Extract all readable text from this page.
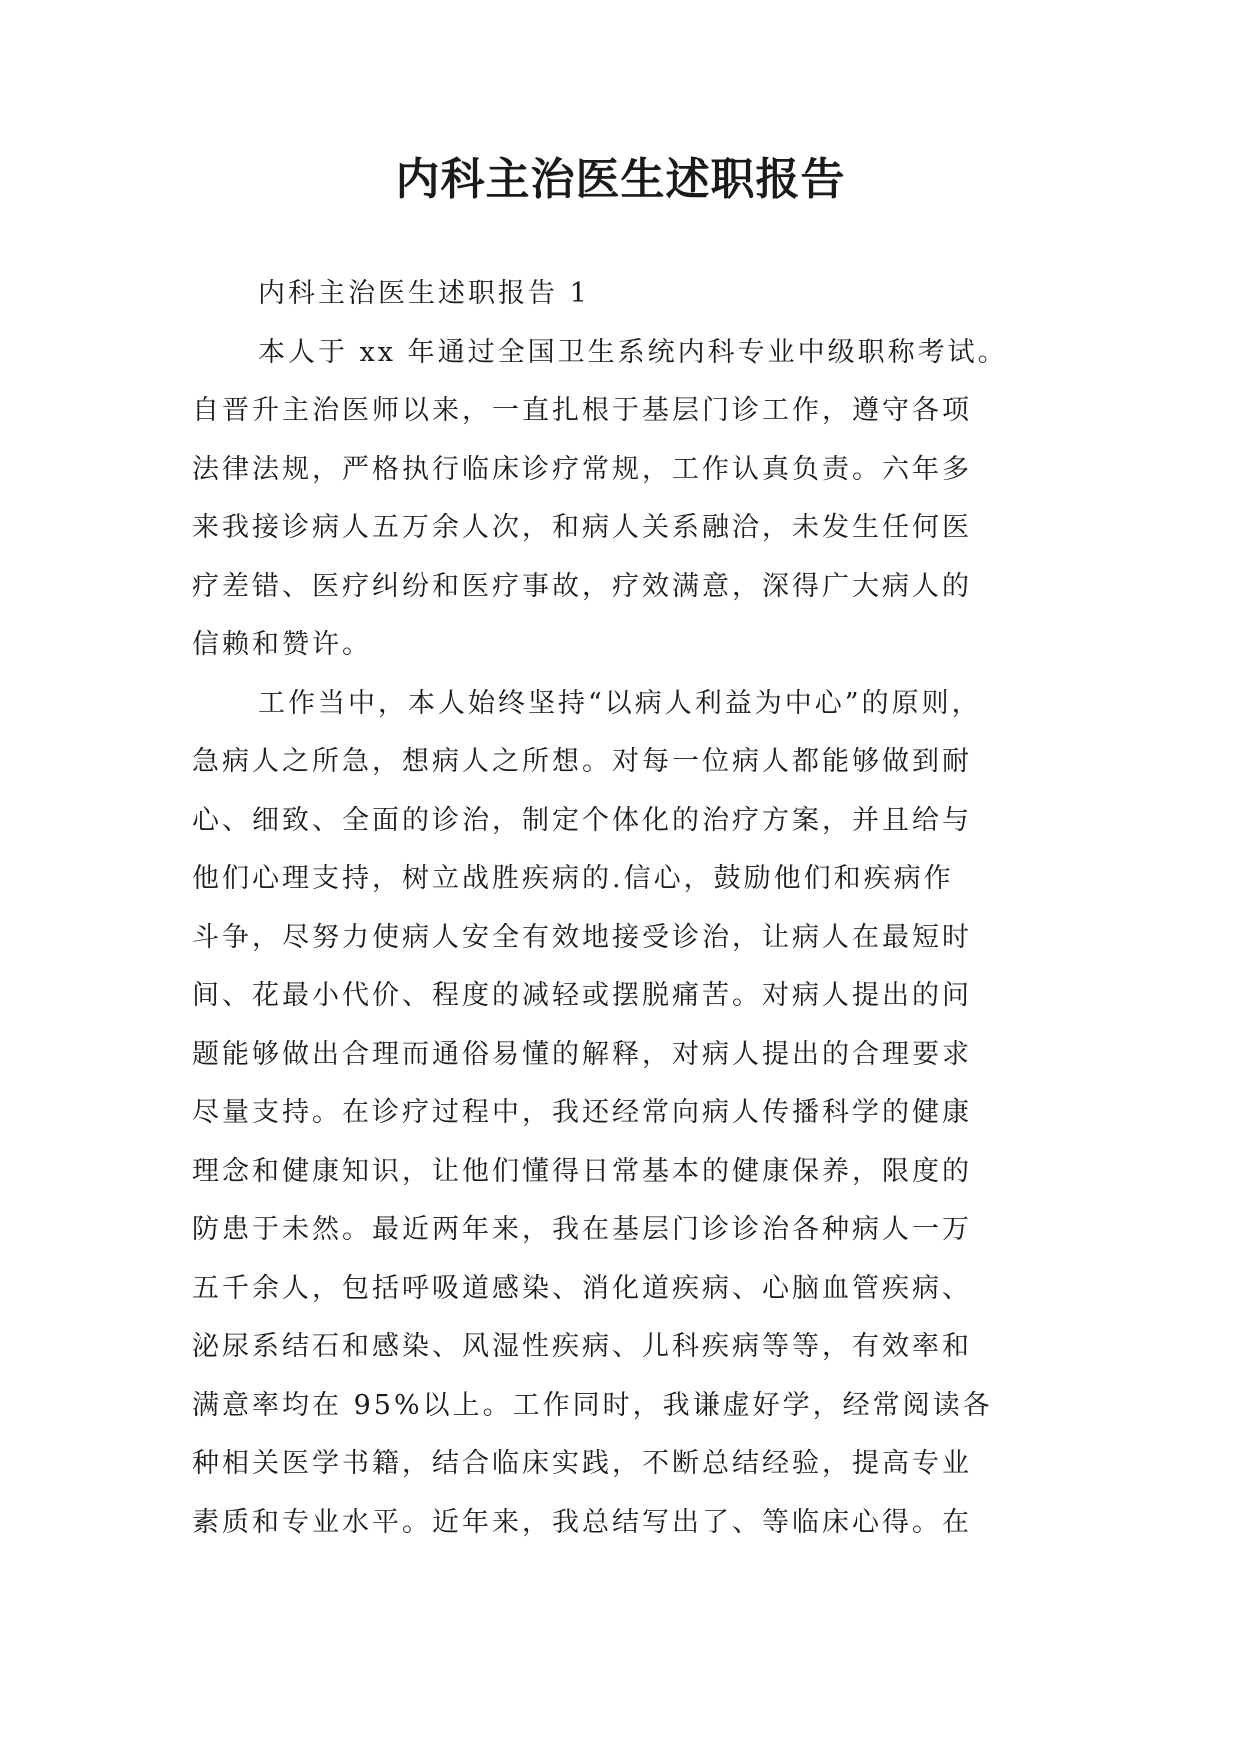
内科主治医生述职报告
内科主治医生述职报告 1
本人于 xx 年通过全国卫生系统内科专业中级职称考试。
自晋升主治医师以来，一直扎根于基层门诊工作，遵守各项
法律法规，严格执行临床诊疗常规，工作认真负责。六年多
来我接诊病人五万余人次，和病人关系融洽，未发生任何医
疗差错、医疗纠纷和医疗事故，疗效满意，深得广大病人的
信赖和赞许。
工作当中，本人始终坚持“以病人利益为中心”的原则，
急病人之所急，想病人之所想。对每一位病人都能够做到耐
心、细致、全面的诊治，制定个体化的治疗方案，并且给与
他们心理支持，树立战胜疾病的.信心，鼓励他们和疾病作
斗争，尽努力使病人安全有效地接受诊治，让病人在最短时
间、花最小代价、程度的减轻或摆脱痛苦。对病人提出的问
题能够做出合理而通俗易懂的解释，对病人提出的合理要求
尽量支持。在诊疗过程中，我还经常向病人传播科学的健康
理念和健康知识，让他们懂得日常基本的健康保养，限度的
防患于未然。最近两年来，我在基层门诊诊治各种病人一万
五千余人，包括呼吸道感染、消化道疾病、心脑血管疾病、
泌尿系结石和感染、风湿性疾病、儿科疾病等等，有效率和
满意率均在 95%以上。工作同时，我谦虚好学，经常阅读各
种相关医学书籍，结合临床实践，不断总结经验，提高专业
素质和专业水平。近年来，我总结写出了、等临床心得。在
